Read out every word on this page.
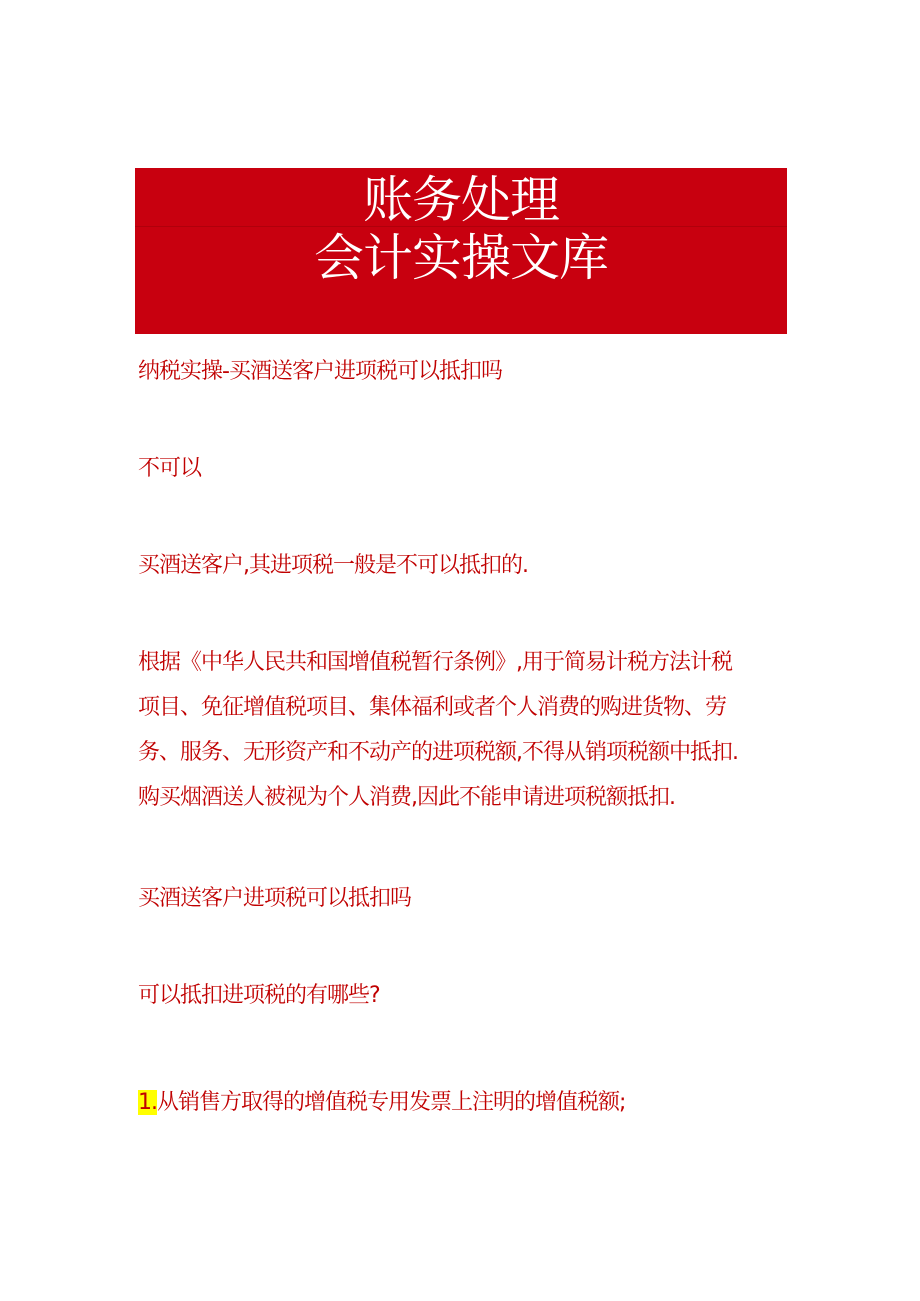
账务处理
会计实操文库

纳税实操-买酒送客户进项税可以抵扣吗

不可以

买酒送客户,其进项税一般是不可以抵扣的.

根据《中华人民共和国增值税暂行条例》,用于简易计税方法计税
项目、免征增值税项目、集体福利或者个人消费的购进货物、劳
务、服务、无形资产和不动产的进项税额,不得从销项税额中抵扣.
购买烟酒送人被视为个人消费,因此不能申请进项税额抵扣.

买酒送客户进项税可以抵扣吗

可以抵扣进项税的有哪些?

1.从销售方取得的增值税专用发票上注明的增值税额;
